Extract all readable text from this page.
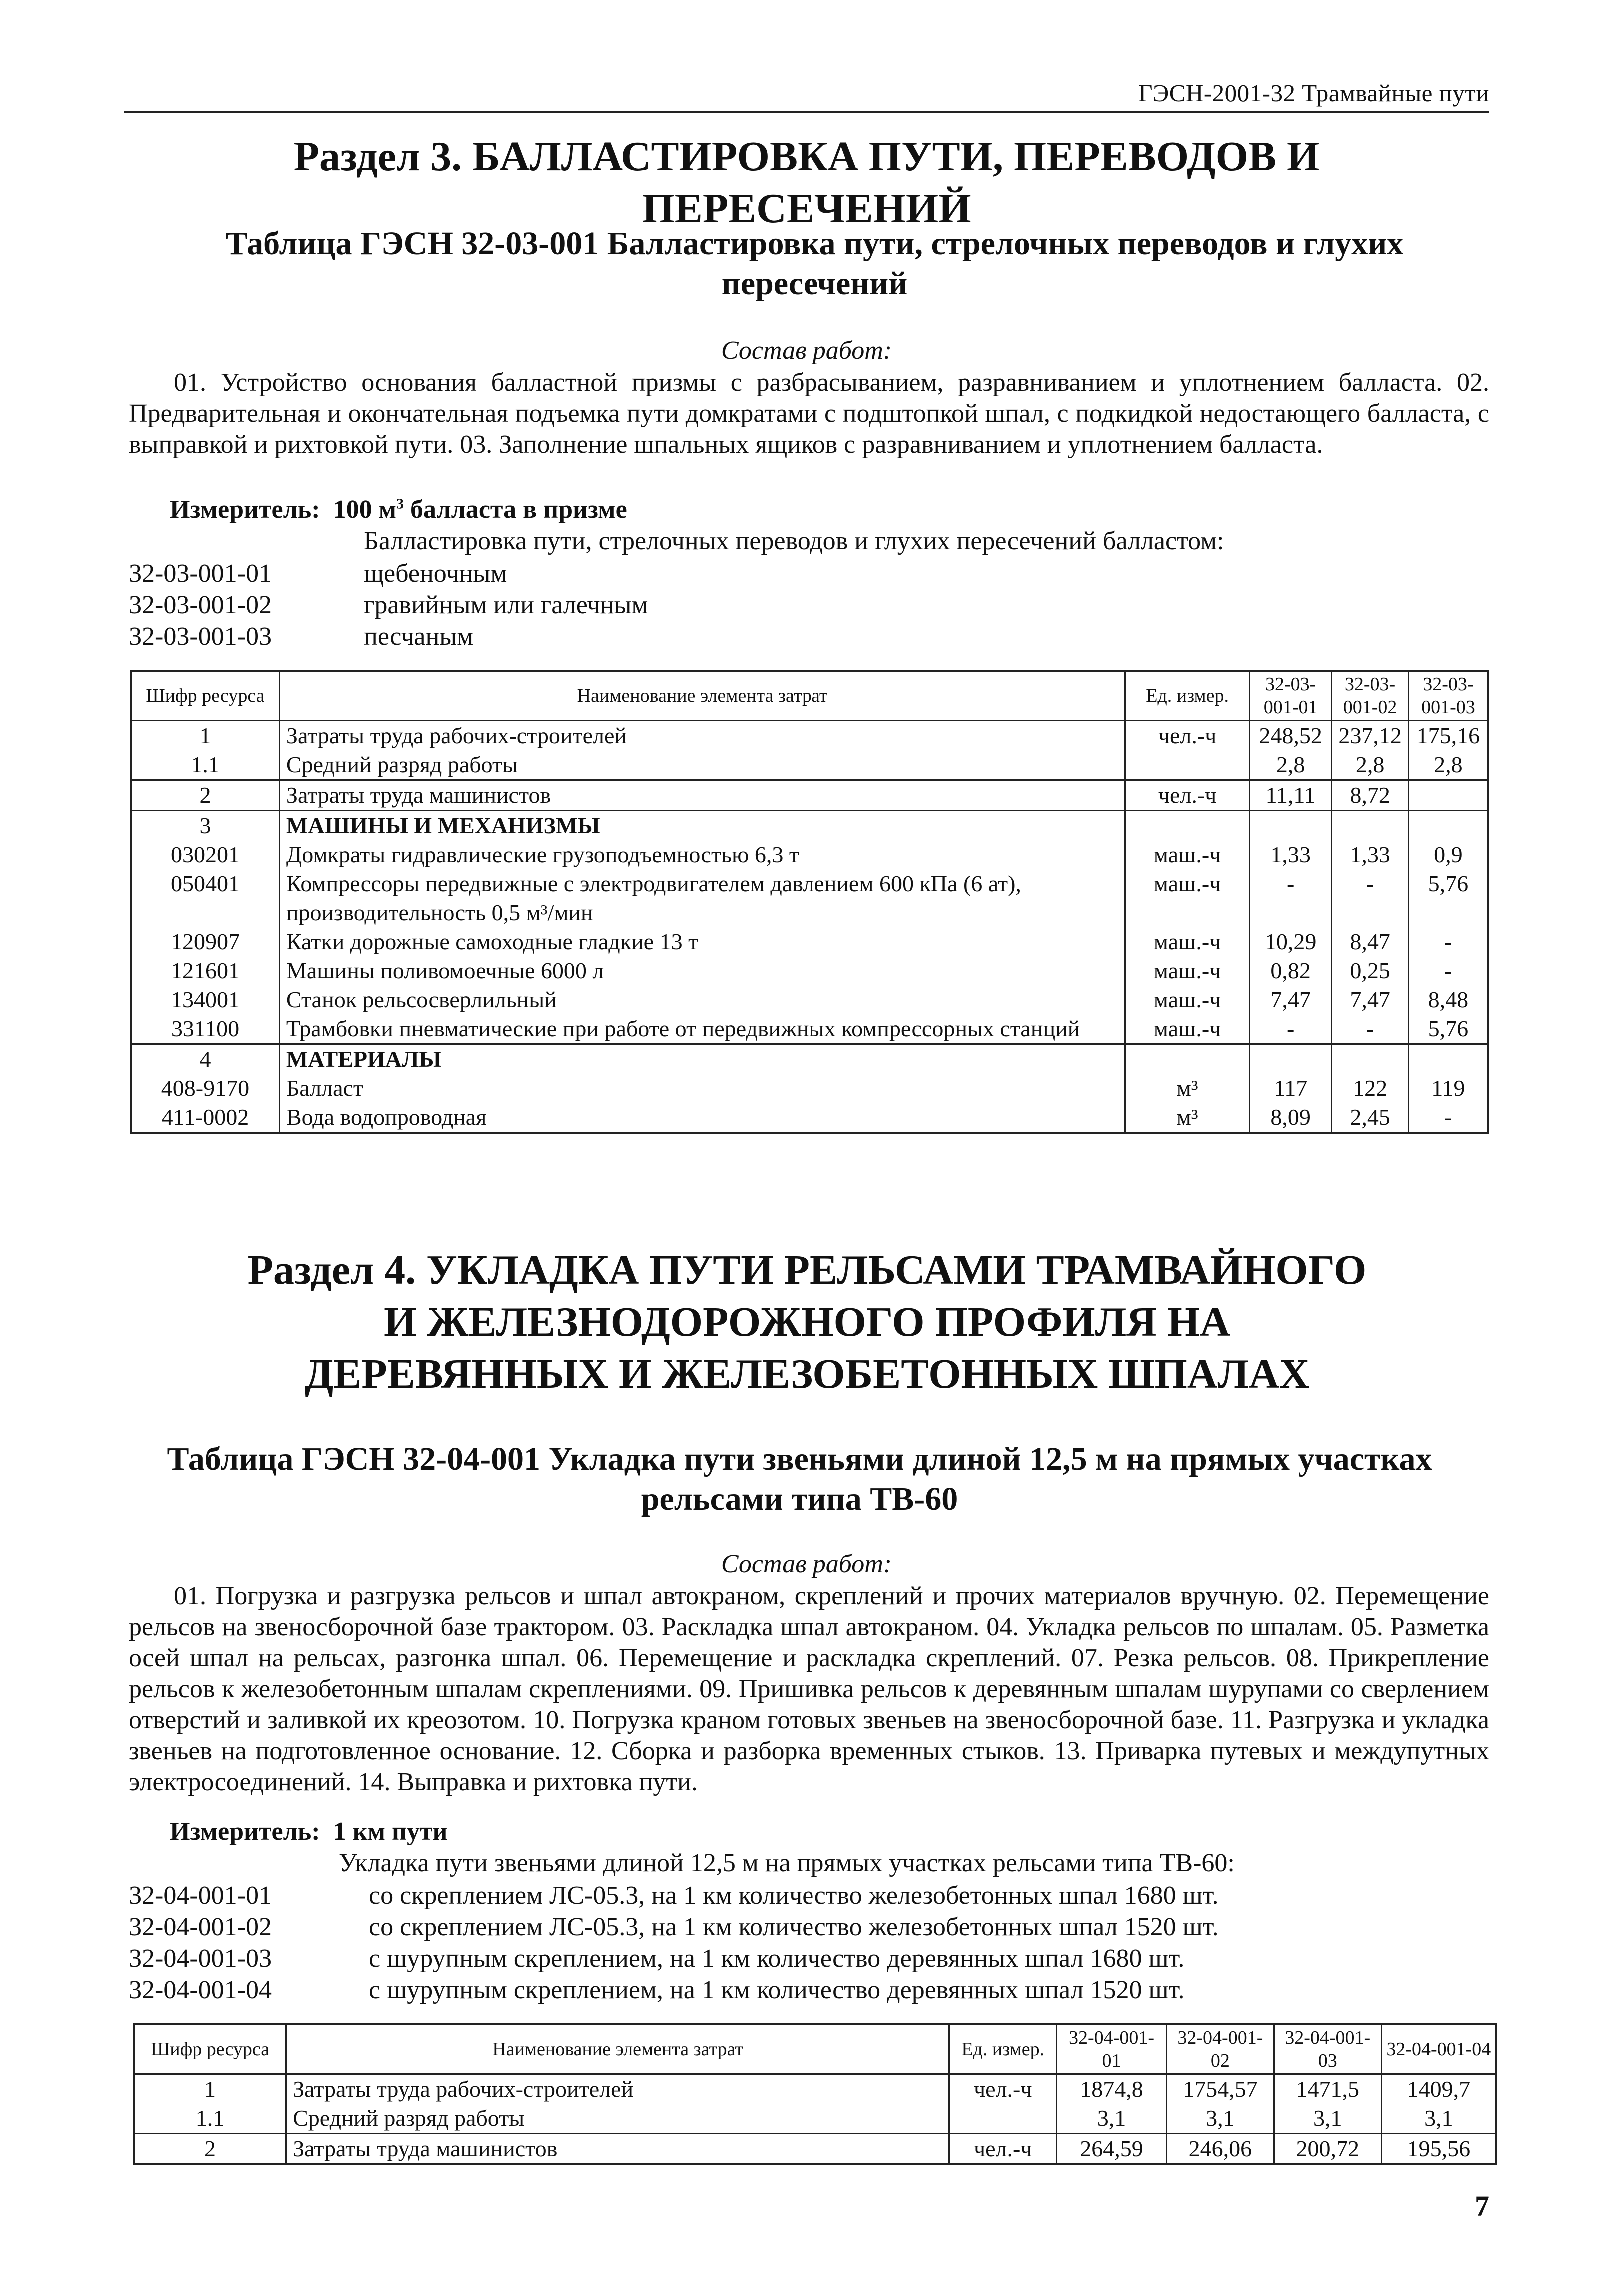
ГЭСН-2001-32 Трамвайные пути
Раздел 3. БАЛЛАСТИРОВКА ПУТИ, ПЕРЕВОДОВ И ПЕРЕСЕЧЕНИЙ
Таблица ГЭСН 32-03-001 Балластировка пути, стрелочных переводов и глухих пересечений
Состав работ:
01. Устройство основания балластной призмы с разбрасыванием, разравниванием и уплотнением балласта. 02. Предварительная и окончательная подъемка пути домкратами с подштопкой шпал, с подкидкой недостающего балласта, с выправкой и рихтовкой пути. 03. Заполнение шпальных ящиков с разравниванием и уплотнением балласта.
Измеритель: 100 $м^3$ балласта в призме
Балластировка пути, стрелочных переводов и глухих пересечений балластом:
32-03-001-01	щебеночным
32-03-001-02	гравийным или галечным
32-03-001-03	песчаным
Шифр ресурса	Наименование элемента затрат	Ед. измер.	32-03-001-01	32-03-001-02	32-03-001-03
1	Затраты труда рабочих-строителей	чел.-ч	248,52	237,12	175,16
1.1	Средний разряд работы		2,8	2,8	2,8
2	Затраты труда машинистов	чел.-ч	11,11	8,72	
3	МАШИНЫ И МЕХАНИЗМЫ				
030201	Домкраты гидравлические грузоподъемностью 6,3 т	маш.-ч	1,33	1,33	0,9
050401	Компрессоры передвижные с электродвигателем давлением 600 кПа (6 ат), производительность 0,5 м³/мин	маш.-ч	-	-	5,76
120907	Катки дорожные самоходные гладкие 13 т	маш.-ч	10,29	8,47	-
121601	Машины поливомоечные 6000 л	маш.-ч	0,82	0,25	-
134001	Станок рельсосверлильный	маш.-ч	7,47	7,47	8,48
331100	Трамбовки пневматические при работе от передвижных компрессорных станций	маш.-ч	-	-	5,76
4	МАТЕРИАЛЫ				
408-9170	Балласт	м³	117	122	119
411-0002	Вода водопроводная	м³	8,09	2,45	-
Раздел 4. УКЛАДКА ПУТИ РЕЛЬСАМИ ТРАМВАЙНОГО И ЖЕЛЕЗНОДОРОЖНОГО ПРОФИЛЯ НА ДЕРЕВЯННЫХ И ЖЕЛЕЗОБЕТОННЫХ ШПАЛАХ
Таблица ГЭСН 32-04-001 Укладка пути звеньями длиной 12,5 м на прямых участках рельсами типа ТВ-60
Состав работ:
01. Погрузка и разгрузка рельсов и шпал автокраном, скреплений и прочих материалов вручную. 02. Перемещение рельсов на звеносборочной базе трактором. 03. Раскладка шпал автокраном. 04. Укладка рельсов по шпалам. 05. Разметка осей шпал на рельсах, разгонка шпал. 06. Перемещение и раскладка скреплений. 07. Резка рельсов. 08. Прикрепление рельсов к железобетонным шпалам скреплениями. 09. Пришивка рельсов к деревянным шпалам шурупами со сверлением отверстий и заливкой их креозотом. 10. Погрузка краном готовых звеньев на звеносборочной базе. 11. Разгрузка и укладка звеньев на подготовленное основание. 12. Сборка и разборка временных стыков. 13. Приварка путевых и междупутных электросоединений. 14. Выправка и рихтовка пути.
Измеритель: 1 км пути
Укладка пути звеньями длиной 12,5 м на прямых участках рельсами типа ТВ-60:
32-04-001-01	со скреплением ЛС-05.3, на 1 км количество железобетонных шпал 1680 шт.
32-04-001-02	со скреплением ЛС-05.3, на 1 км количество железобетонных шпал 1520 шт.
32-04-001-03	с шурупным скреплением, на 1 км количество деревянных шпал 1680 шт.
32-04-001-04	с шурупным скреплением, на 1 км количество деревянных шпал 1520 шт.
Шифр ресурса	Наименование элемента затрат	Ед. измер.	32-04-001-01	32-04-001-02	32-04-001-03	32-04-001-04
1	Затраты труда рабочих-строителей	чел.-ч	1874,8	1754,57	1471,5	1409,7
1.1	Средний разряд работы		3,1	3,1	3,1	3,1
2	Затраты труда машинистов	чел.-ч	264,59	246,06	200,72	195,56
7
